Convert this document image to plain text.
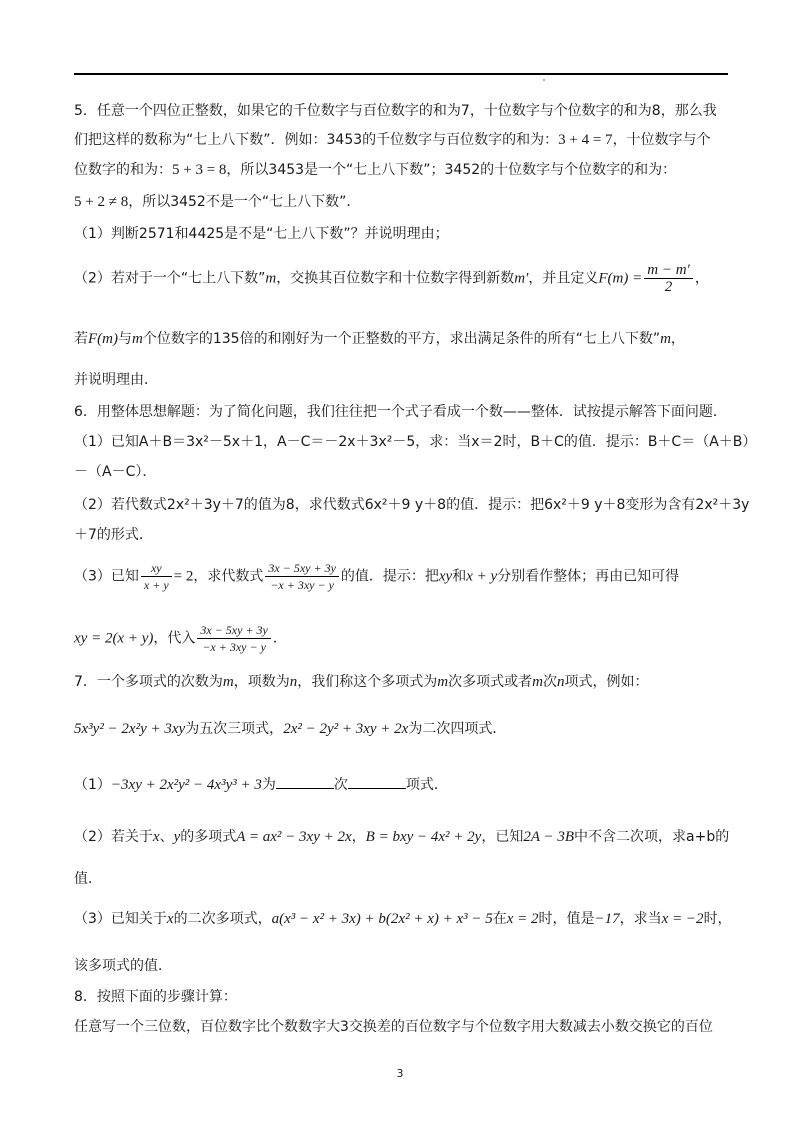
5．任意一个四位正整数，如果它的千位数字与百位数字的和为7，十位数字与个位数字的和为8，那么我
们把这样的数称为“七上八下数”．例如：3453的千位数字与百位数字的和为：3 + 4 = 7，十位数字与个
位数字的和为：5 + 3 = 8，所以3453是一个“七上八下数”；3452的十位数字与个位数字的和为：
5 + 2 ≠ 8，所以3452不是一个“七上八下数”．
（1）判断2571和4425是不是“七上八下数”？并说明理由；
（2）若对于一个“七上八下数”m，交换其百位数字和十位数字得到新数m′，并且定义$F(m) = \frac{m - m'}{2}$ ，
若F(m)与m个位数字的135倍的和刚好为一个正整数的平方，求出满足条件的所有“七上八下数”m，
并说明理由．
6．用整体思想解题：为了简化问题，我们往往把一个式子看成一个数——整体．试按提示解答下面问题．
（1）已知A＋B＝3x²－5x＋1，A－C＝－2x＋3x²－5，求：当x＝2时，B＋C的值．提示：B＋C＝（A＋B）
－（A－C）．
（2）若代数式2x²＋3y＋7的值为8，求代数式6x²＋9 y＋8的值．提示：把6x²＋9 y＋8变形为含有2x²＋3y
＋7的形式．
（3）已知 $\frac{xy}{x + y} = 2$，求代数式 $\frac{3x - 5xy + 3y}{-x + 3xy - y}$ 的值．提示：把xy和x + y分别看作整体；再由已知可得
xy = 2(x + y)，代入 $\frac{3x - 5xy + 3y}{-x + 3xy - y}$ ．
7．一个多项式的次数为m，项数为n，我们称这个多项式为m次多项式或者m次n项式，例如：
5x³y² − 2x²y + 3xy为五次三项式，2x² − 2y² + 3xy + 2x为二次四项式．
（1）−3xy + 2x²y² − 4x³y³ + 3为	次	项式．
（2）若关于x、y的多项式A = ax² − 3xy + 2x，B = bxy − 4x² + 2y，已知2A − 3B中不含二次项，求a+b的
值．
（3）已知关于x的二次多项式，a(x³ − x² + 3x) + b(2x² + x) + x³ − 5在x = 2时，值是−17，求当x = −2时，
该多项式的值．
8．按照下面的步骤计算：
任意写一个三位数，百位数字比个数数字大3交换差的百位数字与个位数字用大数减去小数交换它的百位
3
